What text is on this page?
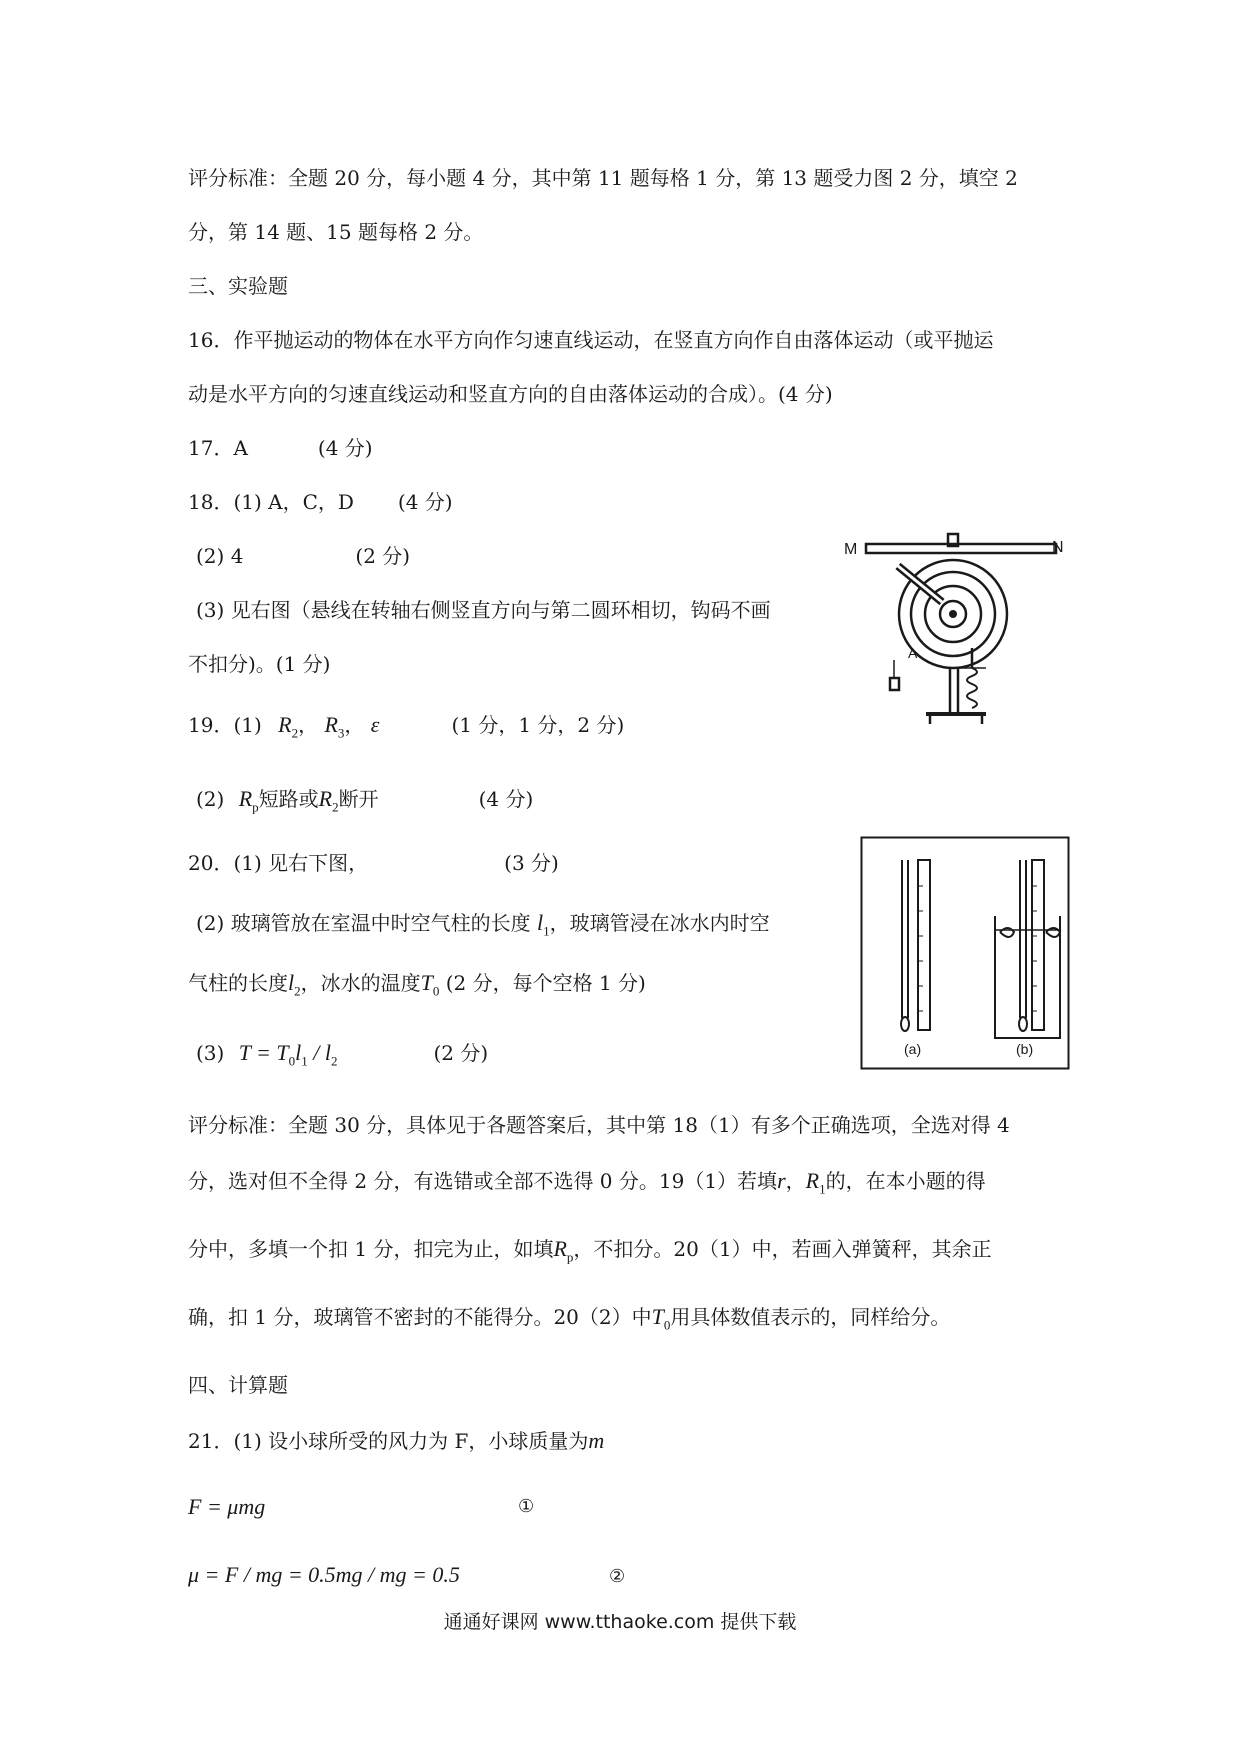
评分标准：全题 20 分，每小题 4 分，其中第 11 题每格 1 分，第 13 题受力图 2 分，填空 2
分，第 14 题、15 题每格 2 分。
三、实验题
16．作平抛运动的物体在水平方向作匀速直线运动，在竖直方向作自由落体运动（或平抛运
动是水平方向的匀速直线运动和竖直方向的自由落体运动的合成）。(4 分)
17．A	(4 分)
18．(1) A，C，D (4 分)
(2) 4	(2 分)
(3) 见右图（悬线在转轴右侧竖直方向与第二圆环相切，钩码不画
不扣分)。(1 分)
M	N
A
19．(1) $R_2$， $R_3$， ε	(1 分，1 分，2 分)
(2) $R_p$短路或$R_2$断开	(4 分)
20．(1) 见右下图，	(3 分)
(2) 玻璃管放在室温中时空气柱的长度 $l_1$，玻璃管浸在冰水内时空
气柱的长度$l_2$，冰水的温度$T_0$ (2 分，每个空格 1 分)
(3) $T = T_0l_1 / l_2$	(2 分)	(a)	(b)
评分标准：全题 30 分，具体见于各题答案后，其中第 18（1）有多个正确选项，全选对得 4
分，选对但不全得 2 分，有选错或全部不选得 0 分。19（1）若填r，$R_1$的，在本小题的得
分中，多填一个扣 1 分，扣完为止，如填$R_p$，不扣分。20（1）中，若画入弹簧秤，其余正
确，扣 1 分，玻璃管不密封的不能得分。20（2）中$T_0$用具体数值表示的，同样给分。
四、计算题
21．(1) 设小球所受的风力为 F，小球质量为m
F = μmg	①
μ = F / mg = 0.5mg / mg = 0.5	②
通通好课网 www.tthaoke.com 提供下载
